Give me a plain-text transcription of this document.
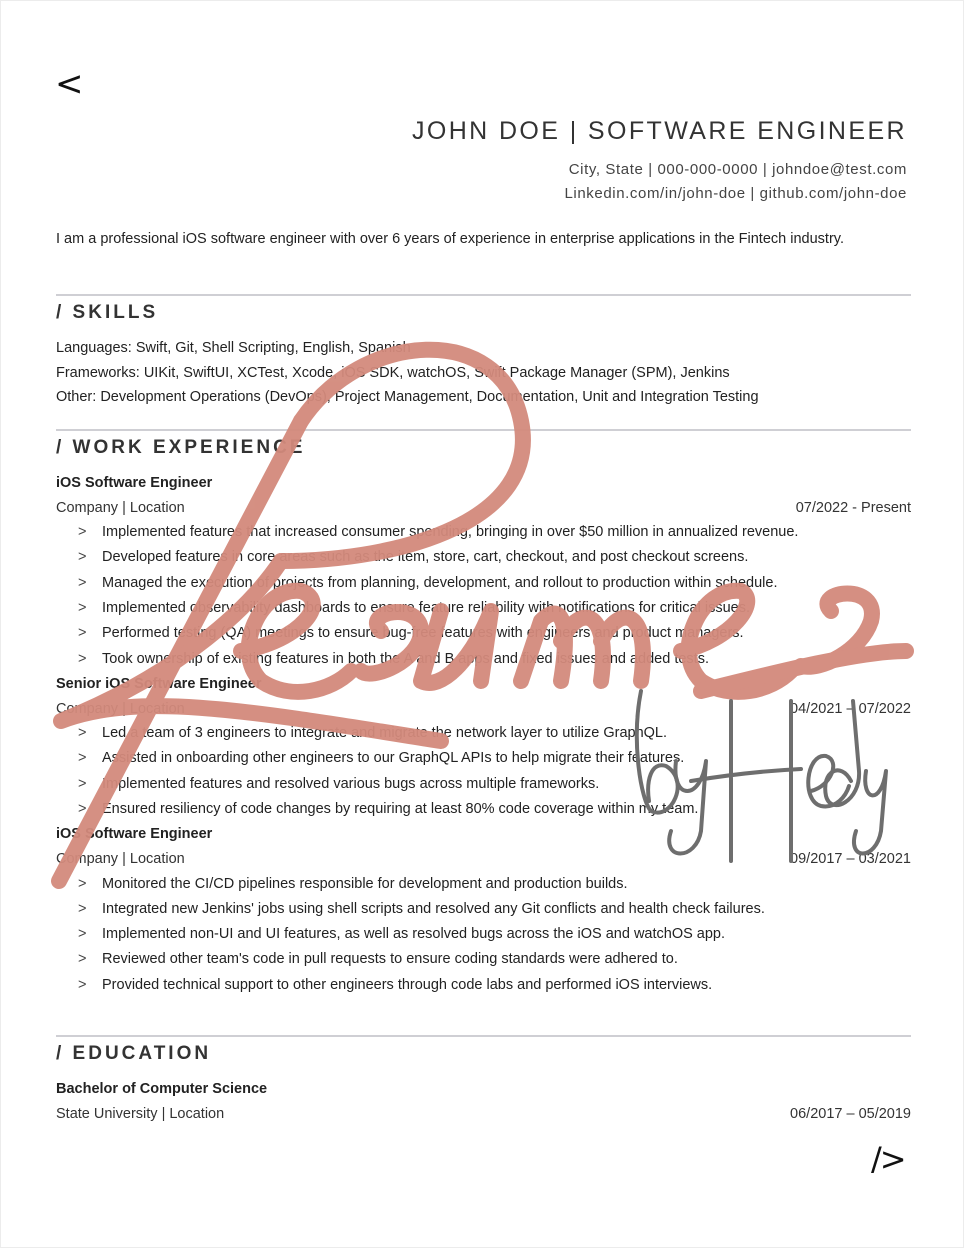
<
JOHN DOE | SOFTWARE ENGINEER
City, State | 000-000-0000 | johndoe@test.com
Linkedin.com/in/john-doe | github.com/john-doe
I am a professional iOS software engineer with over 6 years of experience in enterprise applications in the Fintech industry.
/ SKILLS
Languages: Swift, Git, Shell Scripting, English, Spanish
Frameworks: UIKit, SwiftUI, XCTest, Xcode, iOS SDK, watchOS, Swift Package Manager (SPM), Jenkins
Other: Development Operations (DevOps), Project Management, Documentation, Unit and Integration Testing
/ WORK EXPERIENCE
iOS Software Engineer
Company | Location	07/2022 - Present
>	Implemented features that increased consumer spending, bringing in over $50 million in annualized revenue.
>	Developed features in core areas such as the item, store, cart, checkout, and post checkout screens.
>	Managed the execution of projects from planning, development, and rollout to production within schedule.
>	Implemented observability dashboards to ensure feature reliability with notifications for critical issues.
>	Performed testing (QA) meetings to ensure bug-free features with engineers and product managers.
>	Took ownership of existing features in both the A and B apps and fixed issues and added tests.
Senior iOS Software Engineer
Company | Location	04/2021 – 07/2022
>	Led a team of 3 engineers to integrate and migrate the network layer to utilize GraphQL.
>	Assisted in onboarding other engineers to our GraphQL APIs to help migrate their features.
>	Implemented features and resolved various bugs across multiple frameworks.
>	Ensured resiliency of code changes by requiring at least 80% code coverage within my team.
iOS Software Engineer
Company | Location	09/2017 – 03/2021
>	Monitored the CI/CD pipelines responsible for development and production builds.
>	Integrated new Jenkins' jobs using shell scripts and resolved any Git conflicts and health check failures.
>	Implemented non-UI and UI features, as well as resolved bugs across the iOS and watchOS app.
>	Reviewed other team's code in pull requests to ensure coding standards were adhered to.
>	Provided technical support to other engineers through code labs and performed iOS interviews.
/ EDUCATION
Bachelor of Computer Science
State University | Location	06/2017 – 05/2019
/>
